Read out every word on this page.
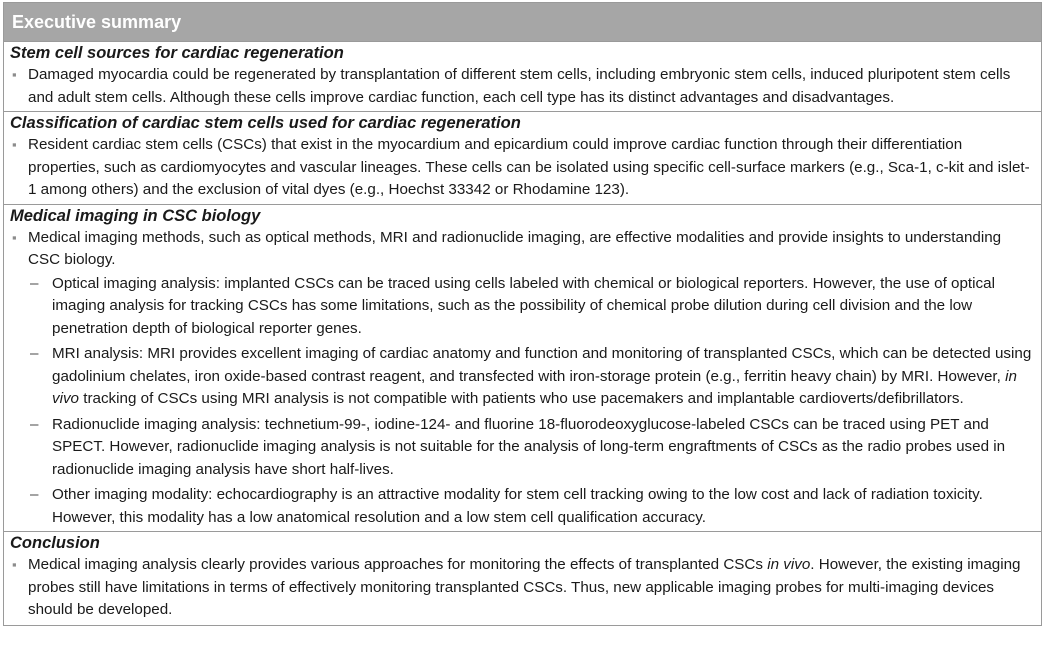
Executive summary

Stem cell sources for cardiac regeneration

▪ Damaged myocardia could be regenerated by transplantation of different stem cells, including embryonic stem cells, induced pluripotent stem cells and adult stem cells. Although these cells improve cardiac function, each cell type has its distinct advantages and disadvantages.

Classification of cardiac stem cells used for cardiac regeneration

▪ Resident cardiac stem cells (CSCs) that exist in the myocardium and epicardium could improve cardiac function through their differentiation properties, such as cardiomyocytes and vascular lineages. These cells can be isolated using specific cell-surface markers (e.g., Sca-1, c-kit and islet-1 among others) and the exclusion of vital dyes (e.g., Hoechst 33342 or Rhodamine 123).

Medical imaging in CSC biology

▪ Medical imaging methods, such as optical methods, MRI and radionuclide imaging, are effective modalities and provide insights to understanding CSC biology.

– Optical imaging analysis: implanted CSCs can be traced using cells labeled with chemical or biological reporters. However, the use of optical imaging analysis for tracking CSCs has some limitations, such as the possibility of chemical probe dilution during cell division and the low penetration depth of biological reporter genes.

– MRI analysis: MRI provides excellent imaging of cardiac anatomy and function and monitoring of transplanted CSCs, which can be detected using gadolinium chelates, iron oxide-based contrast reagent, and transfected with iron-storage protein (e.g., ferritin heavy chain) by MRI. However, in vivo tracking of CSCs using MRI analysis is not compatible with patients who use pacemakers and implantable cardioverts/defibrillators.

– Radionuclide imaging analysis: technetium-99-, iodine-124- and fluorine 18-fluorodeoxyglucose-labeled CSCs can be traced using PET and SPECT. However, radionuclide imaging analysis is not suitable for the analysis of long-term engraftments of CSCs as the radio probes used in radionuclide imaging analysis have short half-lives.

– Other imaging modality: echocardiography is an attractive modality for stem cell tracking owing to the low cost and lack of radiation toxicity. However, this modality has a low anatomical resolution and a low stem cell qualification accuracy.

Conclusion

▪ Medical imaging analysis clearly provides various approaches for monitoring the effects of transplanted CSCs in vivo. However, the existing imaging probes still have limitations in terms of effectively monitoring transplanted CSCs. Thus, new applicable imaging probes for multi-imaging devices should be developed.
